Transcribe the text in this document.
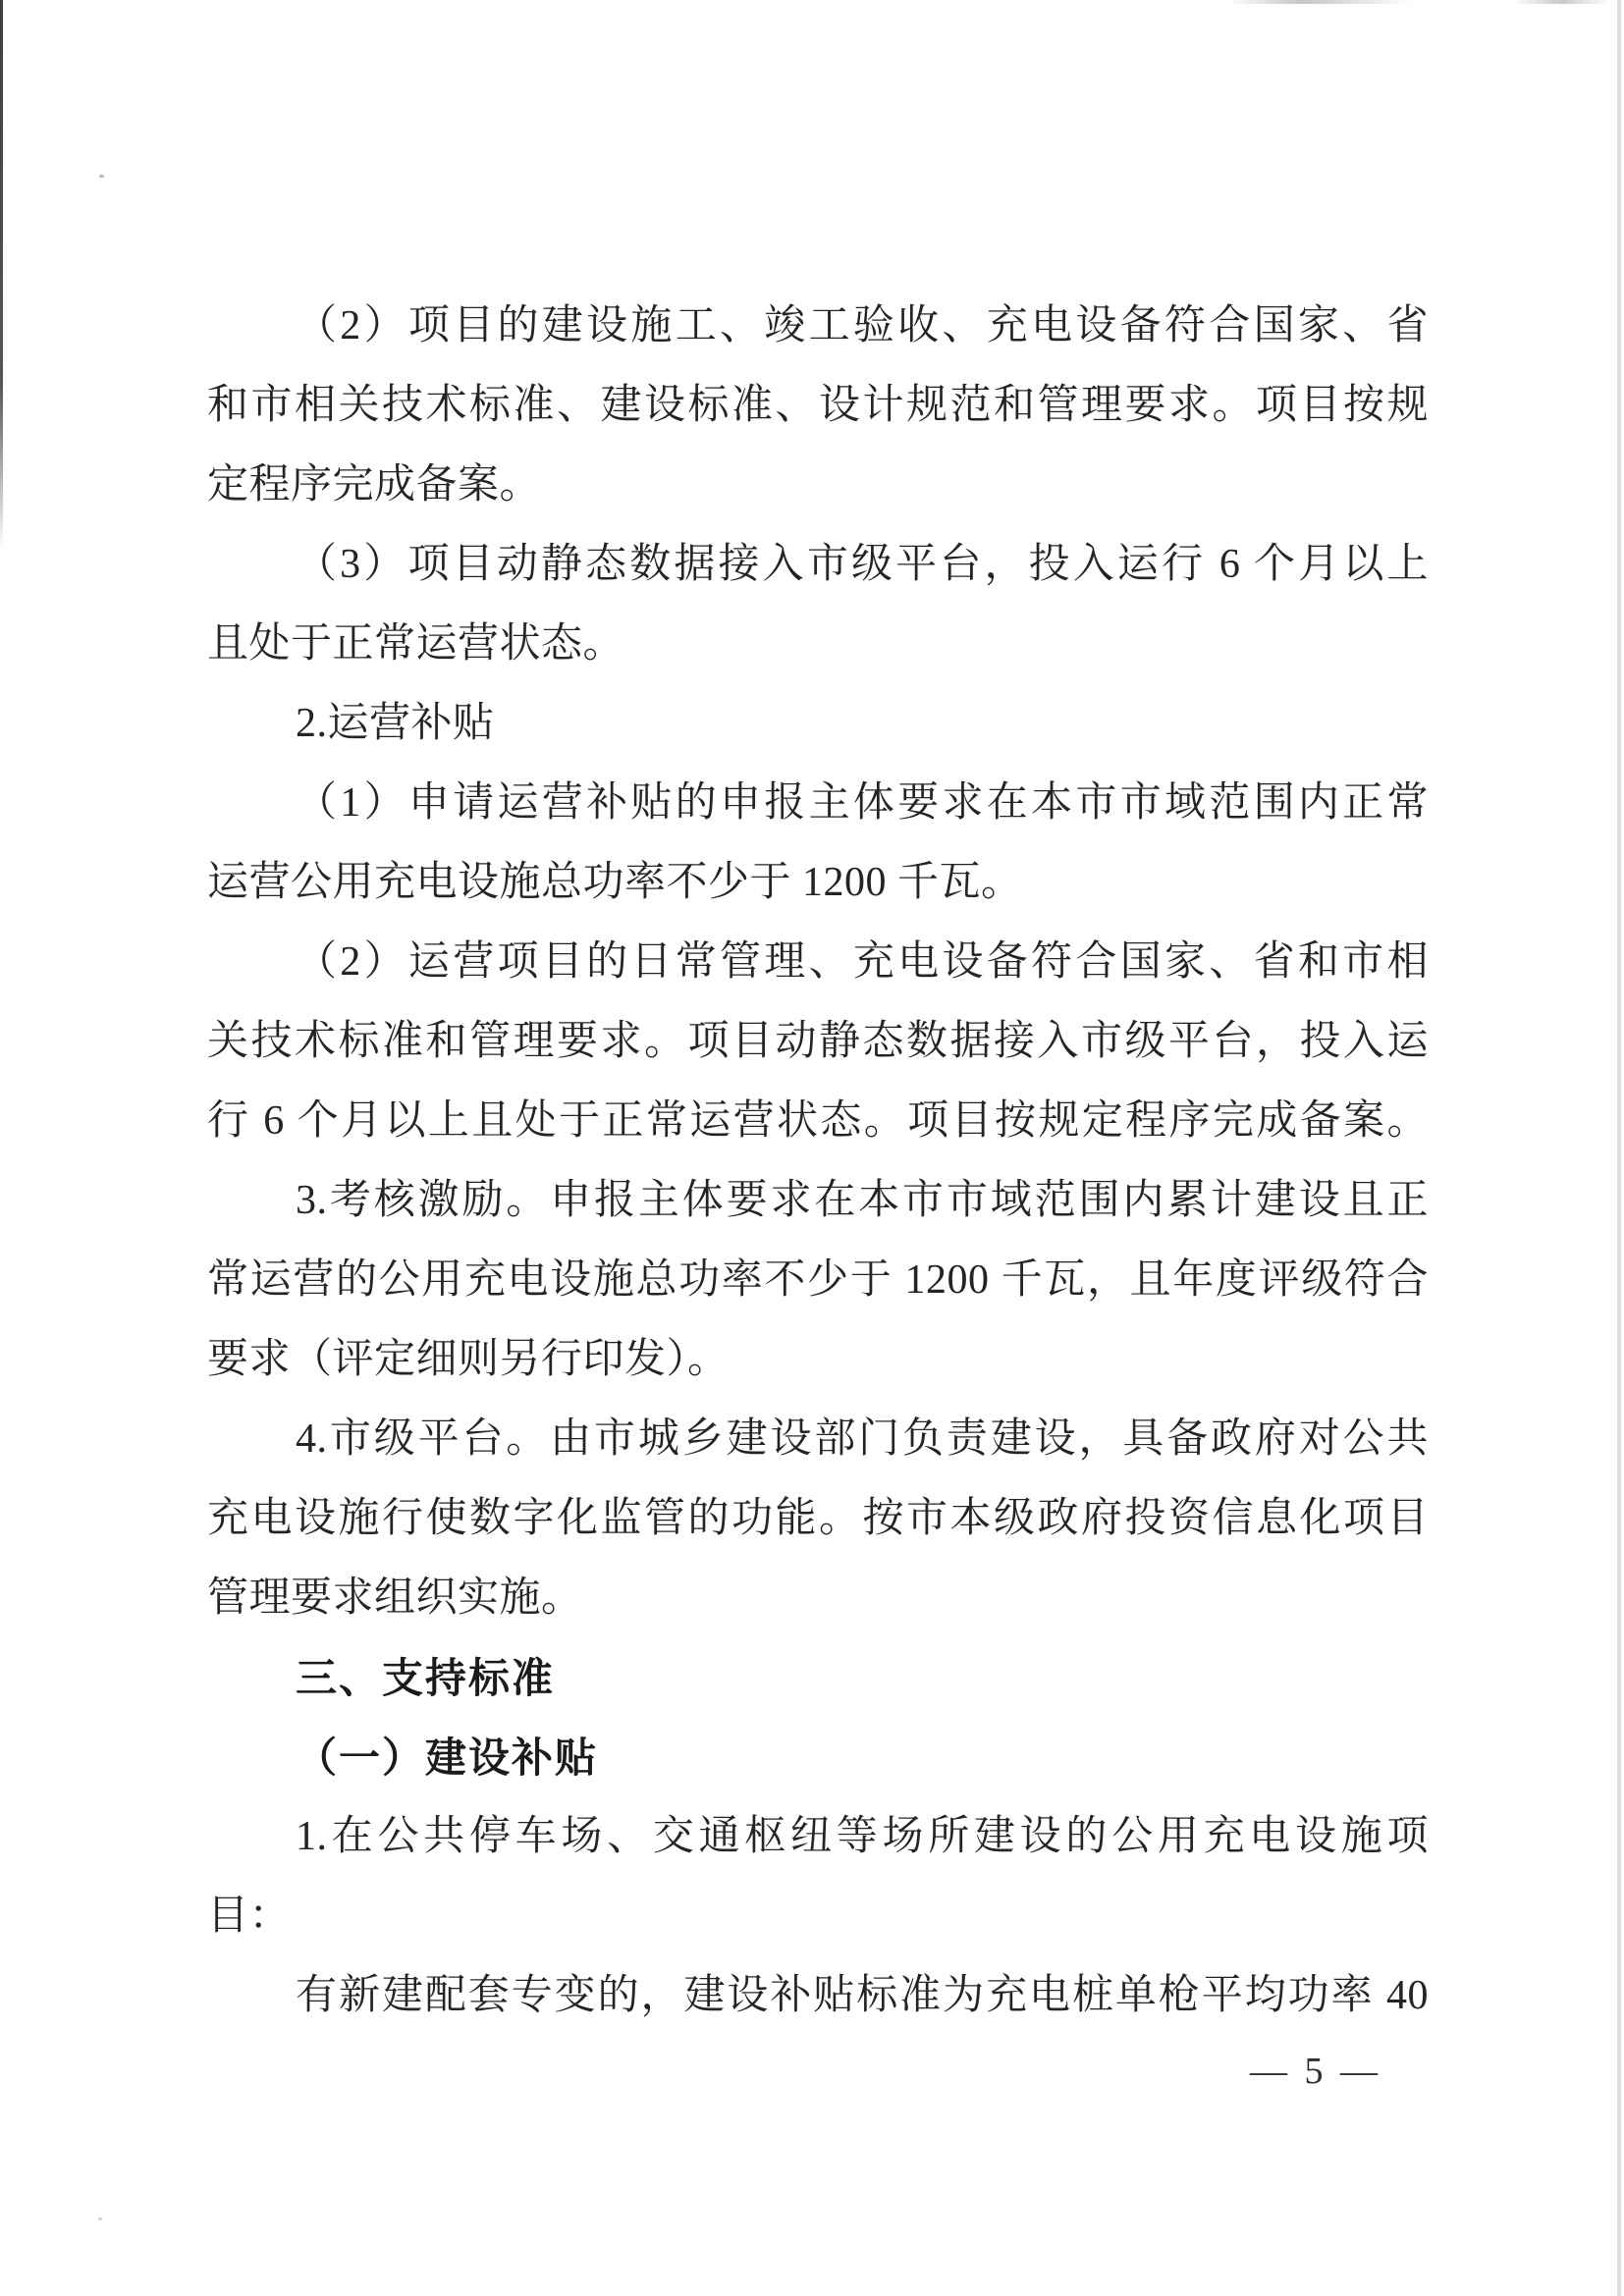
（2）项目的建设施工、竣工验收、充电设备符合国家、省
和市相关技术标准、建设标准、设计规范和管理要求。项目按规
定程序完成备案。
（3）项目动静态数据接入市级平台，投入运行 6 个月以上
且处于正常运营状态。
2.运营补贴
（1）申请运营补贴的申报主体要求在本市市域范围内正常
运营公用充电设施总功率不少于 1200 千瓦。
（2）运营项目的日常管理、充电设备符合国家、省和市相
关技术标准和管理要求。项目动静态数据接入市级平台，投入运
行 6 个月以上且处于正常运营状态。项目按规定程序完成备案。
3.考核激励。申报主体要求在本市市域范围内累计建设且正
常运营的公用充电设施总功率不少于 1200 千瓦，且年度评级符合
要求（评定细则另行印发）。
4.市级平台。由市城乡建设部门负责建设，具备政府对公共
充电设施行使数字化监管的功能。按市本级政府投资信息化项目
管理要求组织实施。
三、支持标准
（一）建设补贴
1.在公共停车场、交通枢纽等场所建设的公用充电设施项
目：
有新建配套专变的，建设补贴标准为充电桩单枪平均功率 40
— 5 —
